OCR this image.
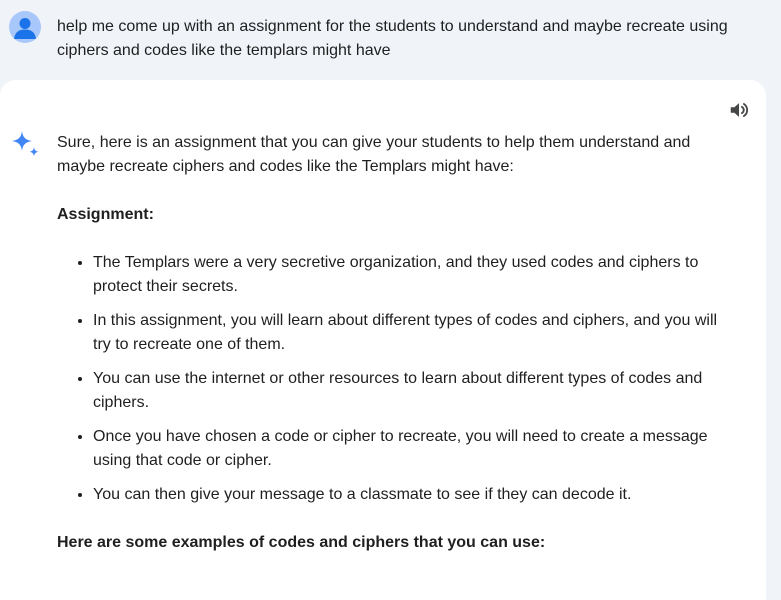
help me come up with an assignment for the students to understand and maybe recreate using ciphers and codes like the templars might have

Sure, here is an assignment that you can give your students to help them understand and maybe recreate ciphers and codes like the Templars might have:

Assignment:

• The Templars were a very secretive organization, and they used codes and ciphers to protect their secrets.
• In this assignment, you will learn about different types of codes and ciphers, and you will try to recreate one of them.
• You can use the internet or other resources to learn about different types of codes and ciphers.
• Once you have chosen a code or cipher to recreate, you will need to create a message using that code or cipher.
• You can then give your message to a classmate to see if they can decode it.

Here are some examples of codes and ciphers that you can use:
